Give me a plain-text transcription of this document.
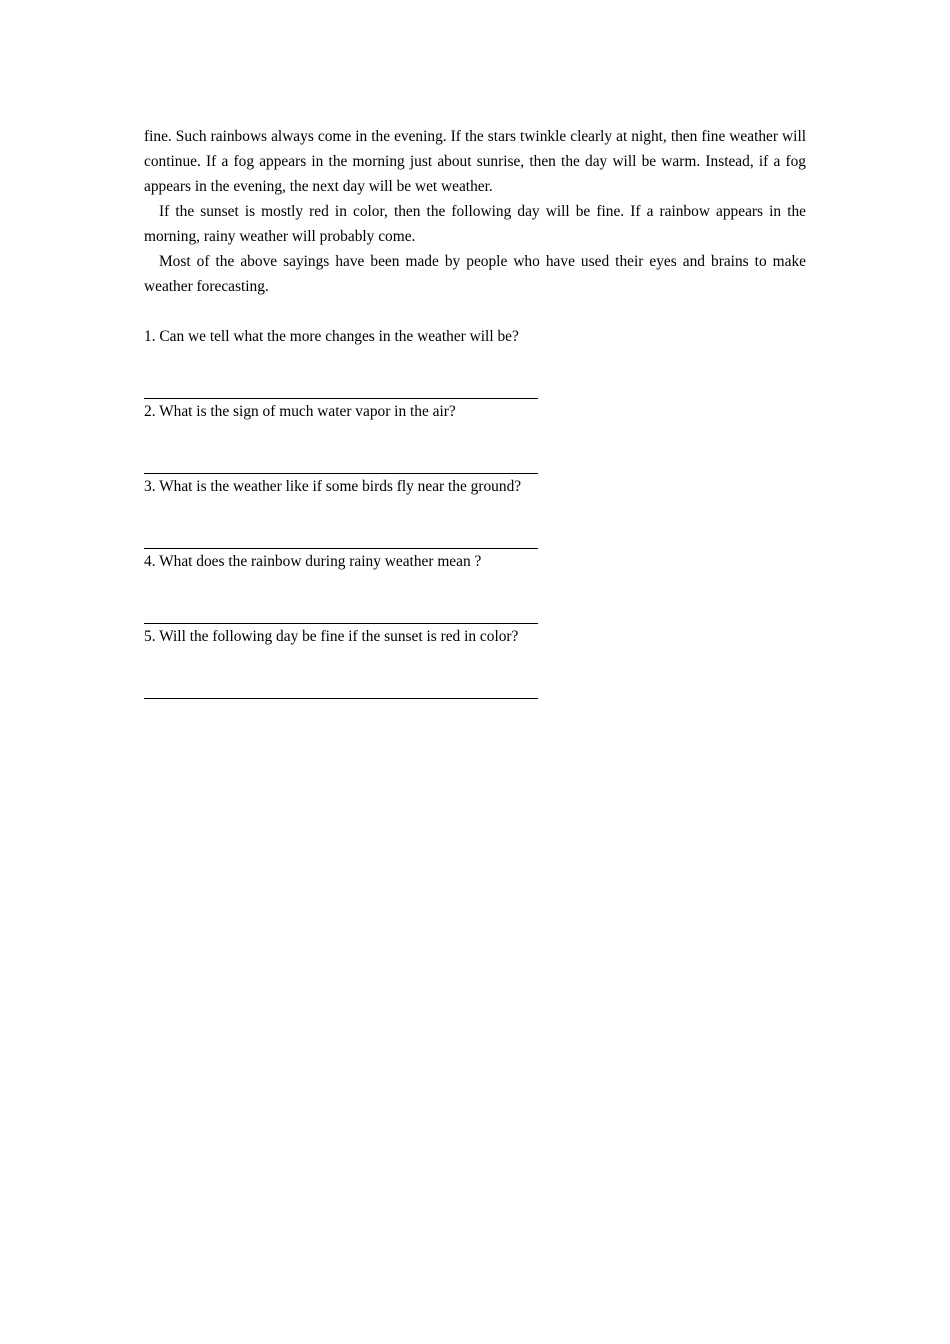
fine. Such rainbows always come in the evening. If the stars twinkle clearly at night, then fine weather will continue. If a fog appears in the morning just about sunrise, then the day will be warm. Instead, if a fog appears in the evening, the next day will be wet weather.

If the sunset is mostly red in color, then the following day will be fine. If a rainbow appears in the morning, rainy weather will probably come.

Most of the above sayings have been made by people who have used their eyes and brains to make weather forecasting.

1. Can we tell what the more changes in the weather will be?

2. What is the sign of much water vapor in the air?

3. What is the weather like if some birds fly near the ground?

4. What does the rainbow during rainy weather mean ?

5. Will the following day be fine if the sunset is red in color?
